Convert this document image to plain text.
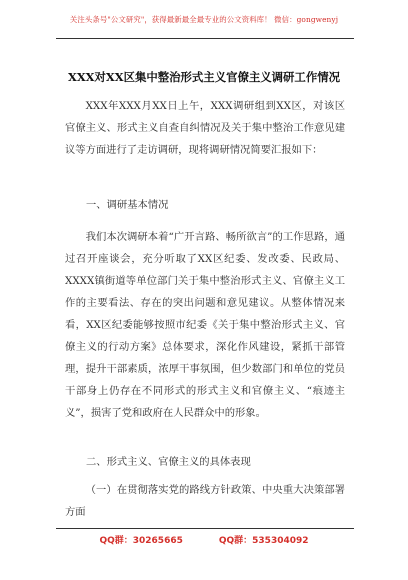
关注头条号"公文研究"，获得最新最全最专业的公文资料库！ 微信：gongwenyj
XXX对XX区集中整治形式主义官僚主义调研工作情况
XXX年XXX月XX日上午，XXX调研组到XX区，对该区官僚主义、形式主义自查自纠情况及关于集中整治工作意见建议等方面进行了走访调研，现将调研情况简要汇报如下：
一、调研基本情况
我们本次调研本着“广开言路、畅所欲言”的工作思路，通过召开座谈会，充分听取了XX区纪委、发改委、民政局、XXXX镇街道等单位部门关于集中整治形式主义、官僚主义工作的主要看法、存在的突出问题和意见建议。从整体情况来看，XX区纪委能够按照市纪委《关于集中整治形式主义、官僚主义的行动方案》总体要求，深化作风建设，紧抓干部管理，提升干部素质，浓厚干事氛围，但少数部门和单位的党员干部身上仍存在不同形式的形式主义和官僚主义、“痕迹主义”，损害了党和政府在人民群众中的形象。
二、形式主义、官僚主义的具体表现
（一）在贯彻落实党的路线方针政策、中央重大决策部署方面
QQ群：30265665	QQ群：535304092
